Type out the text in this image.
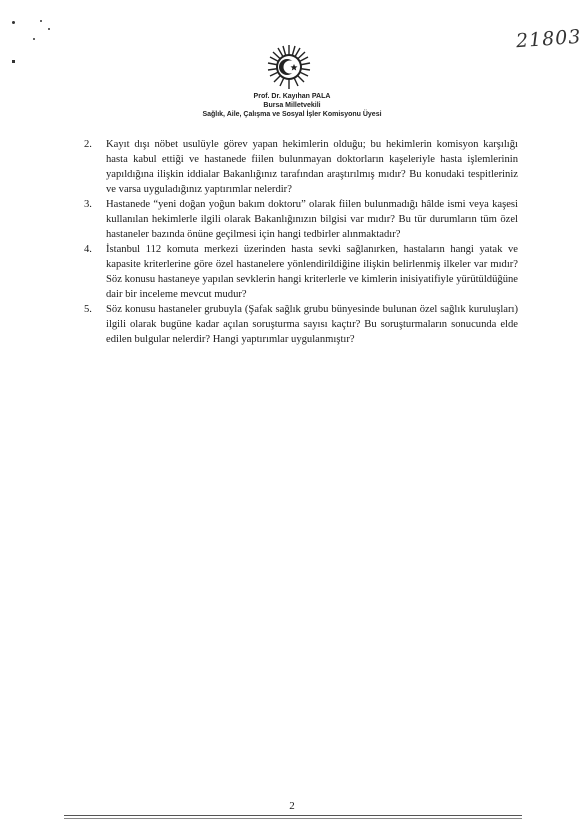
21803
Prof. Dr. Kayıhan PALA
Bursa Milletvekili
Sağlık, Aile, Çalışma ve Sosyal İşler Komisyonu Üyesi
2.	Kayıt dışı nöbet usulüyle görev yapan hekimlerin olduğu; bu hekimlerin komisyon karşılığı hasta kabul ettiği ve hastanede fiilen bulunmayan doktorların kaşeleriyle hasta işlemlerinin yapıldığına ilişkin iddialar Bakanlığınız tarafından araştırılmış mıdır? Bu konudaki tespitleriniz ve varsa uyguladığınız yaptırımlar nelerdir?
3.	Hastanede “yeni doğan yoğun bakım doktoru” olarak fiilen bulunmadığı hâlde ismi veya kaşesi kullanılan hekimlerle ilgili olarak Bakanlığınızın bilgisi var mıdır? Bu tür durumların tüm özel hastaneler bazında önüne geçilmesi için hangi tedbirler alınmaktadır?
4.	İstanbul 112 komuta merkezi üzerinden hasta sevki sağlanırken, hastaların hangi yatak ve kapasite kriterlerine göre özel hastanelere yönlendirildiğine ilişkin belirlenmiş ilkeler var mıdır? Söz konusu hastaneye yapılan sevklerin hangi kriterlerle ve kimlerin inisiyatifiyle yürütüldüğüne dair bir inceleme mevcut mudur?
5.	Söz konusu hastaneler grubuyla (Şafak sağlık grubu bünyesinde bulunan özel sağlık kuruluşları) ilgili olarak bugüne kadar açılan soruşturma sayısı kaçtır? Bu soruşturmaların sonucunda elde edilen bulgular nelerdir? Hangi yaptırımlar uygulanmıştır?
2
